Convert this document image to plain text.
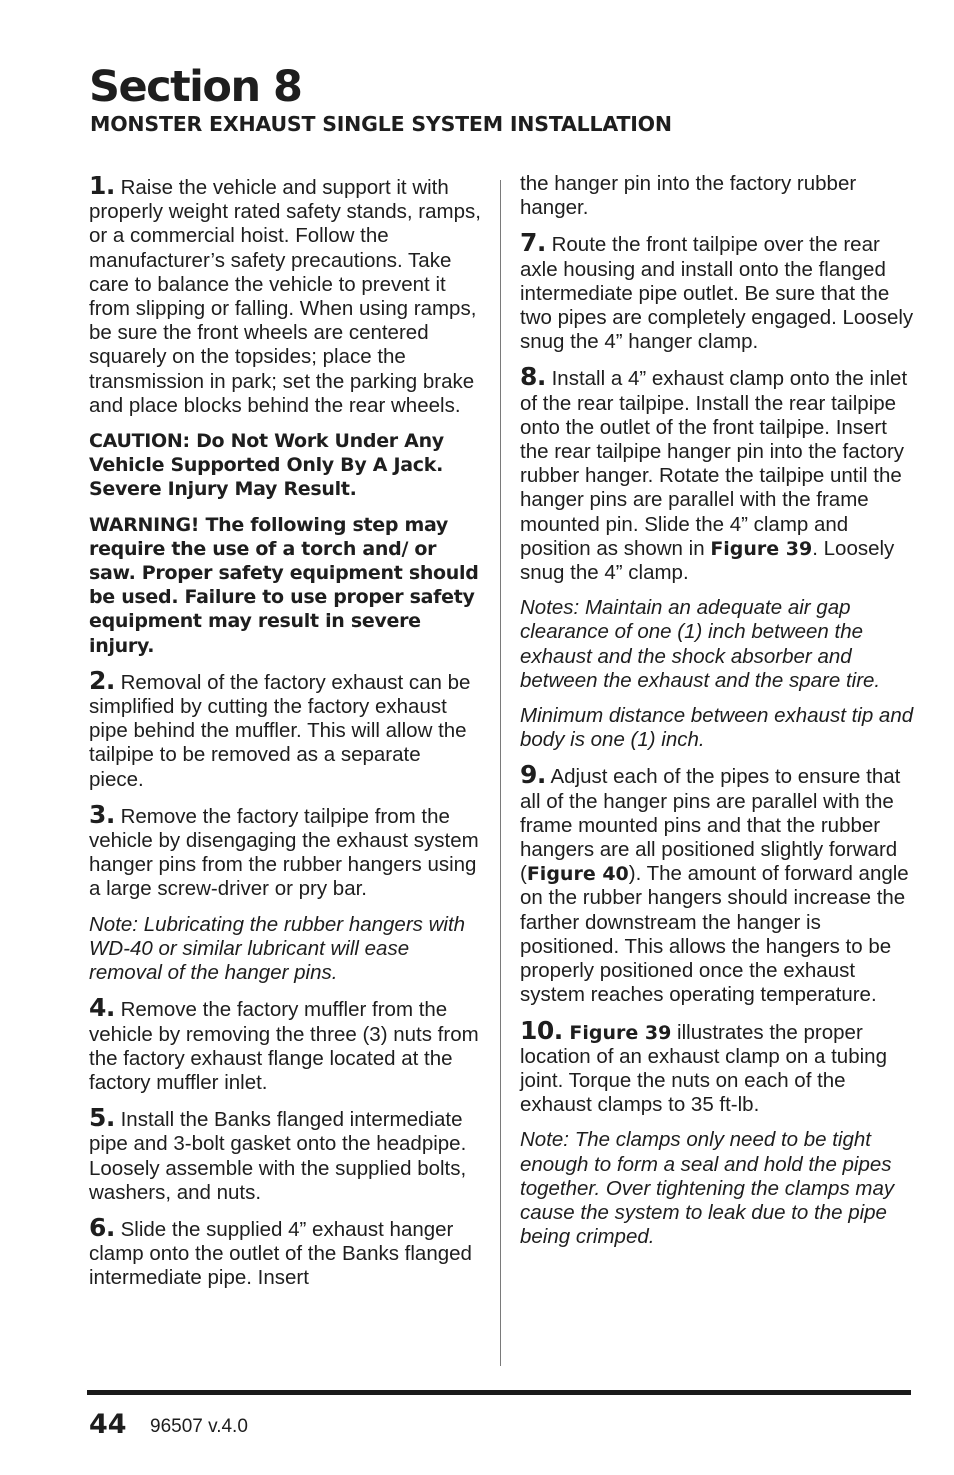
Section 8
MONSTER EXHAUST SINGLE SYSTEM INSTALLATION

1. Raise the vehicle and support it with properly weight rated safety stands, ramps, or a commercial hoist. Follow the manufacturer’s safety precautions. Take care to balance the vehicle to prevent it from slipping or falling. When using ramps, be sure the front wheels are centered squarely on the topsides; place the transmission in park; set the parking brake and place blocks behind the rear wheels.

CAUTION: Do Not Work Under Any Vehicle Supported Only By A Jack. Severe Injury May Result.

WARNING! The following step may require the use of a torch and/ or saw. Proper safety equipment should be used. Failure to use proper safety equipment may result in severe injury.

2. Removal of the factory exhaust can be simplified by cutting the factory exhaust pipe behind the muffler. This will allow the tailpipe to be removed as a separate piece.

3. Remove the factory tailpipe from the vehicle by disengaging the exhaust system hanger pins from the rubber hangers using a large screw-driver or pry bar.

Note: Lubricating the rubber hangers with WD-40 or similar lubricant will ease removal of the hanger pins.

4. Remove the factory muffler from the vehicle by removing the three (3) nuts from the factory exhaust flange located at the factory muffler inlet.

5. Install the Banks flanged intermediate pipe and 3-bolt gasket onto the headpipe. Loosely assemble with the supplied bolts, washers, and nuts.

6. Slide the supplied 4” exhaust hanger clamp onto the outlet of the Banks flanged intermediate pipe. Insert

the hanger pin into the factory rubber hanger.

7. Route the front tailpipe over the rear axle housing and install onto the flanged intermediate pipe outlet. Be sure that the two pipes are completely engaged. Loosely snug the 4” hanger clamp.

8. Install a 4” exhaust clamp onto the inlet of the rear tailpipe. Install the rear tailpipe onto the outlet of the front tailpipe. Insert the rear tailpipe hanger pin into the factory rubber hanger. Rotate the tailpipe until the hanger pins are parallel with the frame mounted pin. Slide the 4” clamp and position as shown in Figure 39. Loosely snug the 4” clamp.

Notes: Maintain an adequate air gap clearance of one (1) inch between the exhaust and the shock absorber and between the exhaust and the spare tire.

Minimum distance between exhaust tip and body is one (1) inch.

9. Adjust each of the pipes to ensure that all of the hanger pins are parallel with the frame mounted pins and that the rubber hangers are all positioned slightly forward (Figure 40). The amount of forward angle on the rubber hangers should increase the farther downstream the hanger is positioned. This allows the hangers to be properly positioned once the exhaust system reaches operating temperature.

10. Figure 39 illustrates the proper location of an exhaust clamp on a tubing joint. Torque the nuts on each of the exhaust clamps to 35 ft-lb.

Note: The clamps only need to be tight enough to form a seal and hold the pipes together. Over tightening the clamps may cause the system to leak due to the pipe being crimped.

44 96507 v.4.0
